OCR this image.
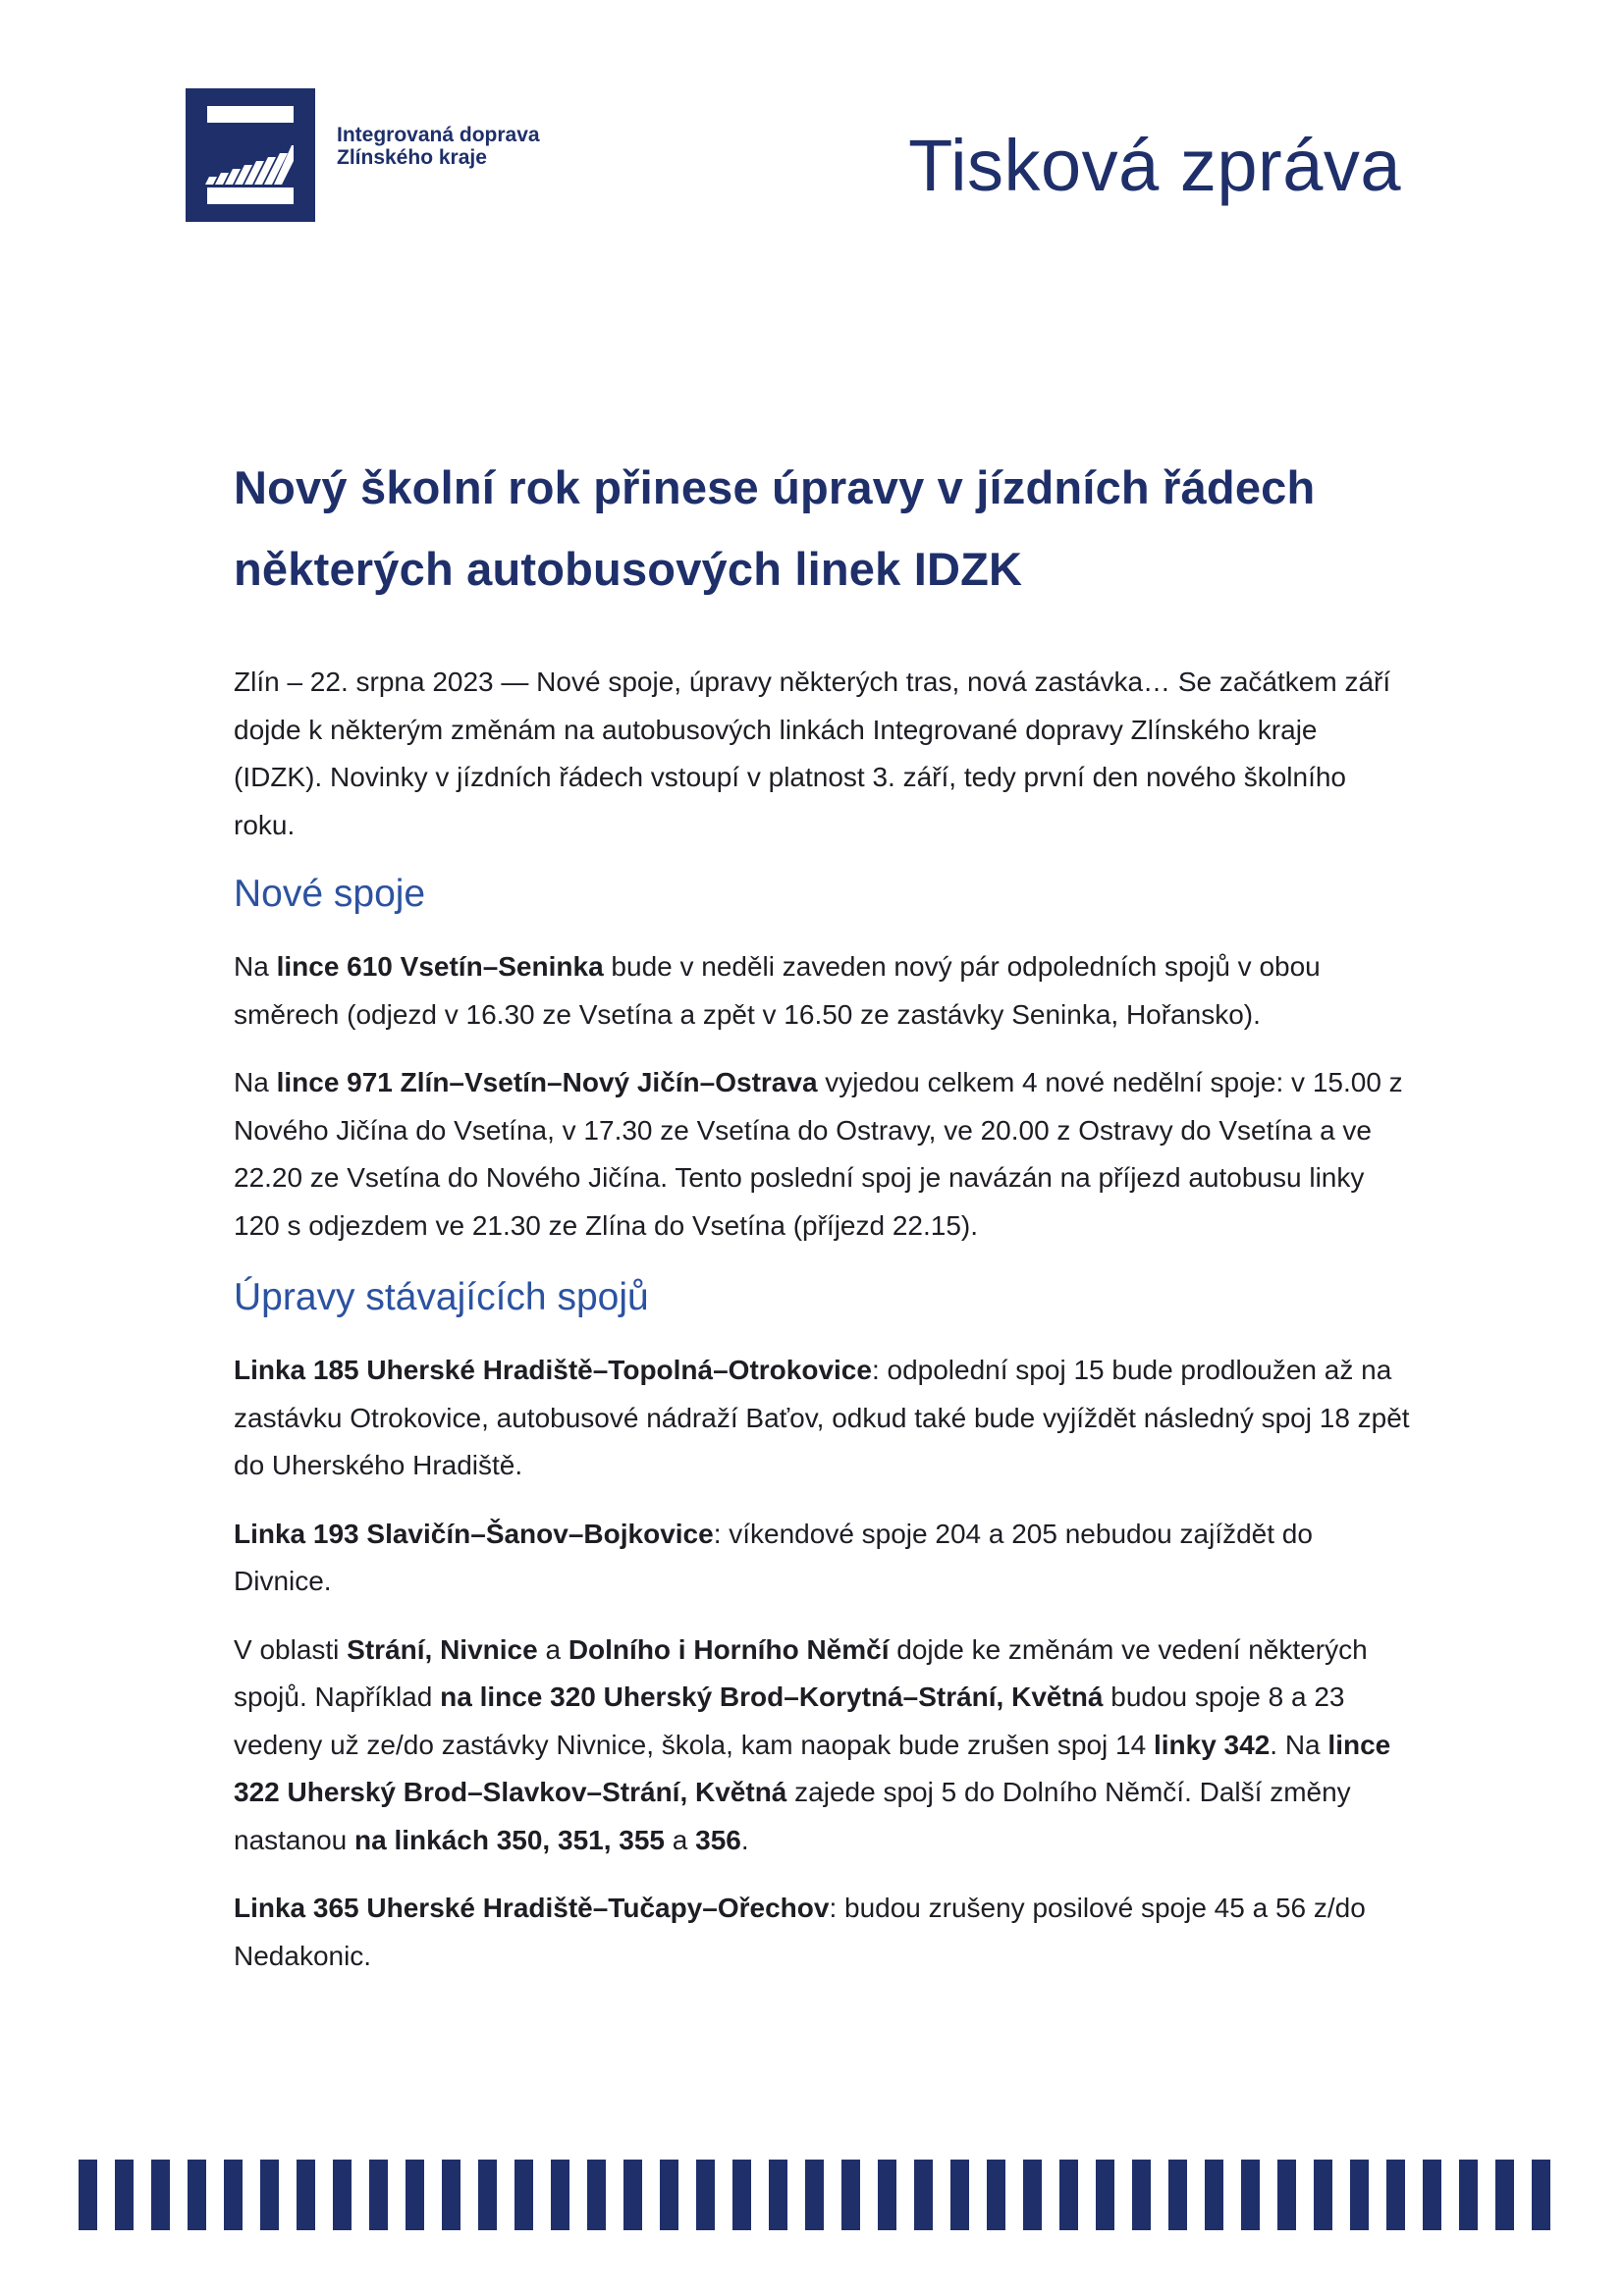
Integrovaná doprava
Zlínského kraje	Tisková zpráva
Nový školní rok přinese úpravy v jízdních řádech
některých autobusových linek IDZK

Zlín – 22. srpna 2023 — Nové spoje, úpravy některých tras, nová zastávka… Se začátkem září dojde k některým změnám na autobusových linkách Integrované dopravy Zlínského kraje (IDZK). Novinky v jízdních řádech vstoupí v platnost 3. září, tedy první den nového školního roku.

Nové spoje

Na lince 610 Vsetín–Seninka bude v neděli zaveden nový pár odpoledních spojů v obou směrech (odjezd v 16.30 ze Vsetína a zpět v 16.50 ze zastávky Seninka, Hořansko).

Na lince 971 Zlín–Vsetín–Nový Jičín–Ostrava vyjedou celkem 4 nové nedělní spoje: v 15.00 z Nového Jičína do Vsetína, v 17.30 ze Vsetína do Ostravy, ve 20.00 z Ostravy do Vsetína a ve 22.20 ze Vsetína do Nového Jičína. Tento poslední spoj je navázán na příjezd autobusu linky 120 s odjezdem ve 21.30 ze Zlína do Vsetína (příjezd 22.15).

Úpravy stávajících spojů

Linka 185 Uherské Hradiště–Topolná–Otrokovice: odpolední spoj 15 bude prodloužen až na zastávku Otrokovice, autobusové nádraží Baťov, odkud také bude vyjíždět následný spoj 18 zpět do Uherského Hradiště.

Linka 193 Slavičín–Šanov–Bojkovice: víkendové spoje 204 a 205 nebudou zajíždět do Divnice.

V oblasti Strání, Nivnice a Dolního i Horního Němčí dojde ke změnám ve vedení některých spojů. Například na lince 320 Uherský Brod–Korytná–Strání, Květná budou spoje 8 a 23 vedeny už ze/do zastávky Nivnice, škola, kam naopak bude zrušen spoj 14 linky 342. Na lince 322 Uherský Brod–Slavkov–Strání, Květná zajede spoj 5 do Dolního Němčí. Další změny nastanou na linkách 350, 351, 355 a 356.

Linka 365 Uherské Hradiště–Tučapy–Ořechov: budou zrušeny posilové spoje 45 a 56 z/do Nedakonic.
